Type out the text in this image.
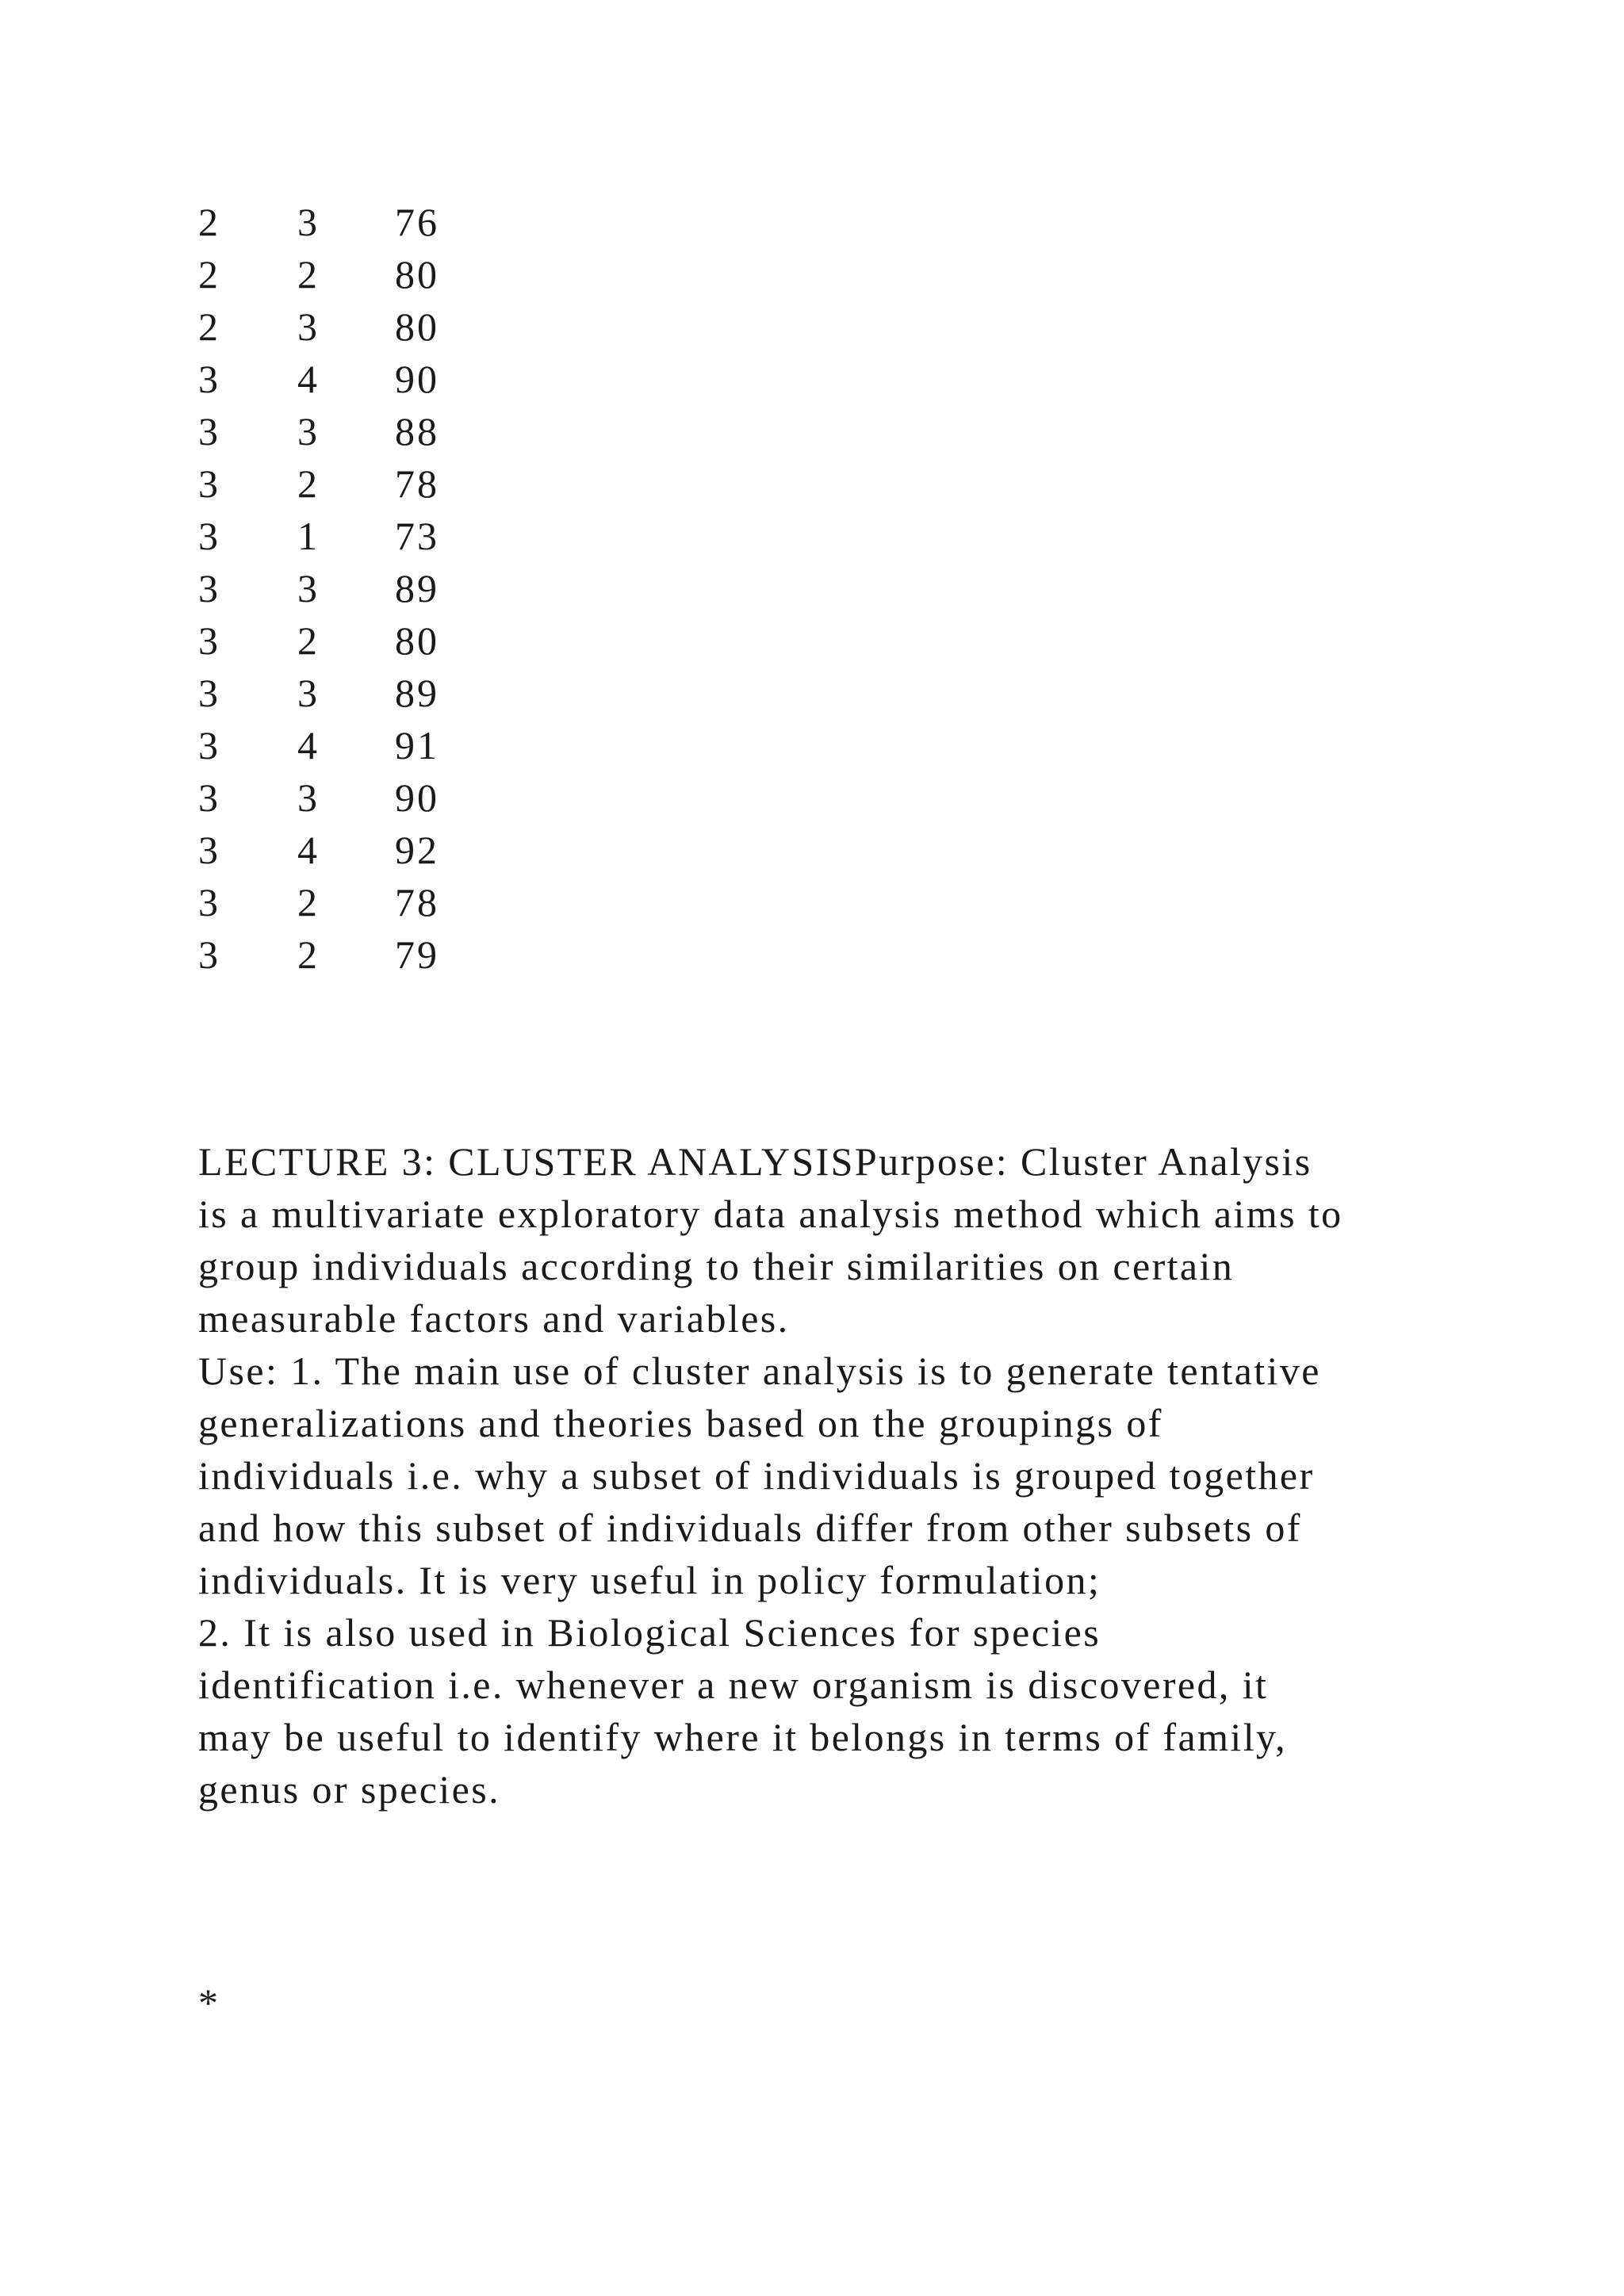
2	3	76
2	2	80
2	3	80
3	4	90
3	3	88
3	2	78
3	1	73
3	3	89
3	2	80
3	3	89
3	4	91
3	3	90
3	4	92
3	2	78
3	2	79
LECTURE 3: CLUSTER ANALYSISPurpose: Cluster Analysis
is a multivariate exploratory data analysis method which aims to
group individuals according to their similarities on certain
measurable factors and variables.
Use: 1. The main use of cluster analysis is to generate tentative
generalizations and theories based on the groupings of
individuals i.e. why a subset of individuals is grouped together
and how this subset of individuals differ from other subsets of
individuals. It is very useful in policy formulation;
2. It is also used in Biological Sciences for species
identification i.e. whenever a new organism is discovered, it
may be useful to identify where it belongs in terms of family,
genus or species.
*
